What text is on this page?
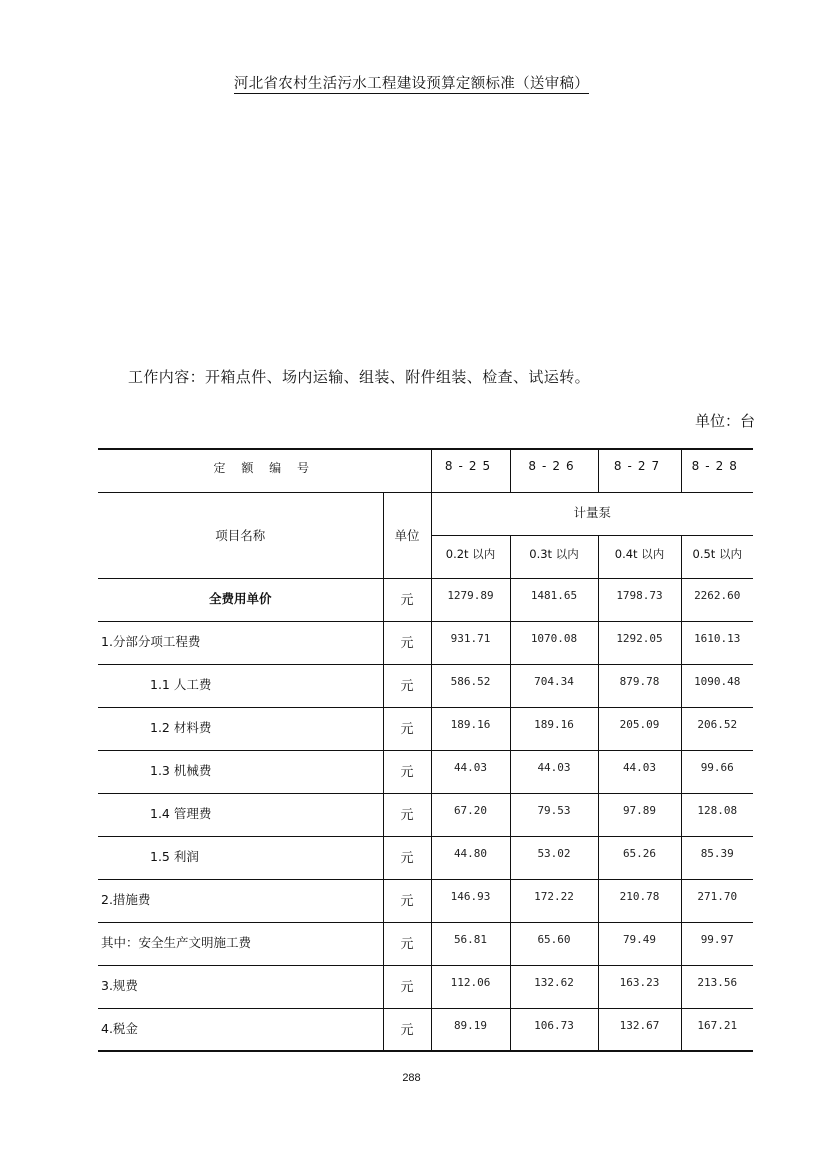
河北省农村生活污水工程建设预算定额标准（送审稿）
工作内容：开箱点件、场内运输、组装、附件组装、检查、试运转。
单位：台
定 额 编 号		8-25	8-26	8-27	8-28

项目名称	单位	计量泵			

		0.2t 以内	0.3t 以内	0.4t 以内	0.5t 以内

全费用单价	元	1279.89	1481.65	1798.73	2262.60

1.分部分项工程费	元	931.71	1070.08	1292.05	1610.13

1.1 人工费	元	586.52	704.34	879.78	1090.48

1.2 材料费	元	189.16	189.16	205.09	206.52

1.3 机械费	元	44.03	44.03	44.03	99.66

1.4 管理费	元	67.20	79.53	97.89	128.08

1.5 利润	元	44.80	53.02	65.26	85.39

2.措施费	元	146.93	172.22	210.78	271.70

其中：安全生产文明施工费	元	56.81	65.60	79.49	99.97

3.规费	元	112.06	132.62	163.23	213.56

4.税金	元	89.19	106.73	132.67	167.21
288
